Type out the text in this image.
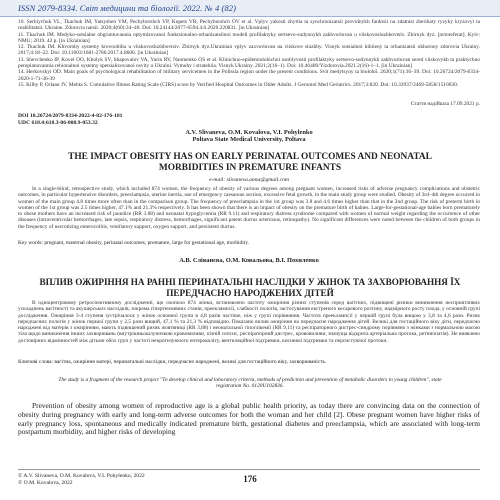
ISSN 2079-8334. Світ медицини та біології. 2022. № 4 (82)

10. Serhiychuk VL, Tkachuk IM, Yatsyshen VM, Pechyborshch VP, Kupets VR, Pechyborshch OV et al. Vplyv yakosti zhyttia ta synchronizatsii providnykh funktsii na zdatnist zberihaty ryzyky kryzovyi ta reabilitatsii. Ukraine. Zdorovia natsii. 2020;4(60):34–40. Doi: 10.24144/2077-6594.4.6.2020.220831. [in Ukrainian]

11. Tkachuk IM. Medyko-sotsialne obgruntuvannia optymizovanoi funktsionalno-orhanizatsiinoi modeli profilaktyky sertsevo-sudynnykh zakhvoriuvan u viiskovosluzhbovtsiv. Zbirnyk dyz. [avtoreferat]. Kyiv: NMU; 2019. 42 p. [in Ukrainian]

12. Tkachuk IM. Khvoroby systemy krovoobihu u viiskovosluzhbovtsiv. Zbirnyk dyz.Ukrainian vplyv zaxvoriuvan na viiskove sluzhby. Visnyk sotsialnoi hihiieny ta orhanizatsii okhorony zdorovia Ukrainy. 2017;4:18–22. Doi: 10.11603/1681-2786.2017.4.8606. [in Ukrainian]

13. Shevchenko IP, Kovel OO, Kholyk SV, Shapovalov VA, Yurin RV, Naumenko OS et al. Klinichno-epidemiolohichni osoblyvosti profilaktyky sertsevo-sudynnykh zakhvoriuvan sered viiskovykh ta praktychno pereplanuvannia rehionalnoi systemy spetsializovanoi osvity u Ukraini. Vymohy i stratehiia. Visnyk Ukrainy. 2021;2(16–1). Doi: 10.46489/Yizdorovia.2021.2(16)-1–1. [in Ukrainian]

14. Herkovskyi OD. Main goals of psychological rehabilitation of military servicemen in the Polissia region under the present conditions. Svit medytsyny ta biolohii. 2020;1(71):36–39. Doi: 10.26724/2079-8334-2020-1-71-36-39

15. Kilby P, Orlaan JV, Mehta S. Cumulative Illness Rating Scale (CIRS) score by Verified Hospital Outcomes in Older Adults. J Gerontol Med Geriatrics. 2017;3:820. Doi: 10.33937/2469-5858/1510030.

Стаття надійшла 17.09.2021 р.
DOI 10.26724/2079-8334-2022-4-82-176-181
UDC 618.4:618.3-06-008.9-053.32
A.V. Slivaneva, O.M. Kovalova, V.I. Pohylenko
Poltava State Medical University, Poltava
THE IMPACT OBESITY HAS ON EARLY PERINATAL OUTCOMES AND NEONATAL MORBIDITIES IN PREMATURE INFANTS
e-mail: slivaneva.anna@gmail.com

In a single-blind, retrospective study, which included 874 women, the frequency of obesity of various degrees among pregnant women, increased risks of adverse pregnancy complications and obstetric outcomes, in particular hypertensive disorders, preeclampsia, uterine inertia, use of emergency caesarean section, excessive fetal growth, in the main study group were studied. Obesity of 3rd–4th degree occurred in women of the main group 4.8 times more often than in the comparison group. The frequency of preeclampsia in the 1st group was 3.8 and 4.6 times higher than that in the 2nd group. The risk of preterm birth in women of the 1st group was 2.5 times higher, 47.1% and 21.3% respectively. It has been shown that there is an impact of obesity on the premature birth of babies. Large-for-gestational-age babies born prematurely to obese mothers have an increased risk of jaundice (RR 3.88) and neonatal hypoglycemia (RR 9.11) and respiratory distress syndrome compared with women of normal weight regarding the occurrence of other diseases (intraventricular hemorrhages, late sepsis, respiratory distress, hemorrhages, significant patent ductus arteriosus, retinopathy). No significant differences were noted between the children of both groups in the frequency of necrotizing enterocolitis, ventilatory support, oxygen support, and persistent ductus.

Key words: pregnant, maternal obesity, perinatal outcomes, premature, large for gestational age, morbidity.
А.В. Сліванєва, О.М. Ковальова, В.І. Похиленко
ВПЛИВ ОЖИРІННЯ НА РАННІ ПЕРИНАТАЛЬНІ НАСЛІДКИ У ЖІНОК ТА ЗАХВОРЮВАННЯ ЇХ ПЕРЕДЧАСНО НАРОДЖЕНИХ ДІТЕЙ

В одноцентровому ретроспективному дослідженні, що охопило 874 жінки, встановлено частоту ожиріння різних ступенів серед вагітних, підвищені ризики виникнення несприятливих ускладнень вагітності та акушерських наслідків, зокрема гіпертензивних станів, прееклампсії, слабкості пологів, застосування екстреного кесаревого розтину, надмірного росту плода, у основній групі дослідження. Ожиріння 3-4 ступеня зустрічалося у жінок основної групи в 4,8 разів частіше, ніж у групі порівняння. Частота прееклампсії у першій групі була вищою у 3,8 та 4,6 рази. Ризик передчасних пологів у жінок першої групи у 2,5 рази вищий, 47,1 % та 21,3 % відповідно. Показано вплив ожиріння на передчасне народження дітей. Великі для гестаційного віку діти, передчасно народжені від матерів з ожирінням, мають підвищений ризик жовтяниці (RR 3,88) і неонатальної гіпоглікемії (RR 9,11) та респіраторного дистрес-синдрому порівняно з жінками з нормальною масою тіла щодо виникнення інших захворювань (внутрішньошлуночкові крововиливи, пізній сепсис, респіраторний дистрес, крововиливи, значуща відкрита артеріальна протока, ретинопатія). Не виявлено достовірних відмінностей між дітьми обох груп у частоті некротизуючого ентероколіту, вентиляційної підтримки, кисневої підтримки та персистуючої протоки.

Ключові слова: вагітна, ожиріння матері, перинатальні наслідки, передчасно народжені, великі для гестаційного віку, захворюваність.
The study is a fragment of the research project "To develop clinical and laboratory criteria, methods of prediction and prevention of metabolic disorders in young children", state registration No. 0120U102836.

Prevention of obesity among women of reproductive age is a global public health priority, as today there are convincing data on the connection of obesity during pregnancy with early and long-term adverse outcomes for both the woman and her child [2]. Obese pregnant women have higher risks of early pregnancy loss, spontaneous and medically indicated premature birth, gestational diabetes and preeclampsia, which are associated with long-term postpartum morbidity, and higher risks of developing

© A.V. Slivaneva, O.M. Kovalova, V.I. Pohylenko, 2022
© O.M. Kovalova, 2022	176
